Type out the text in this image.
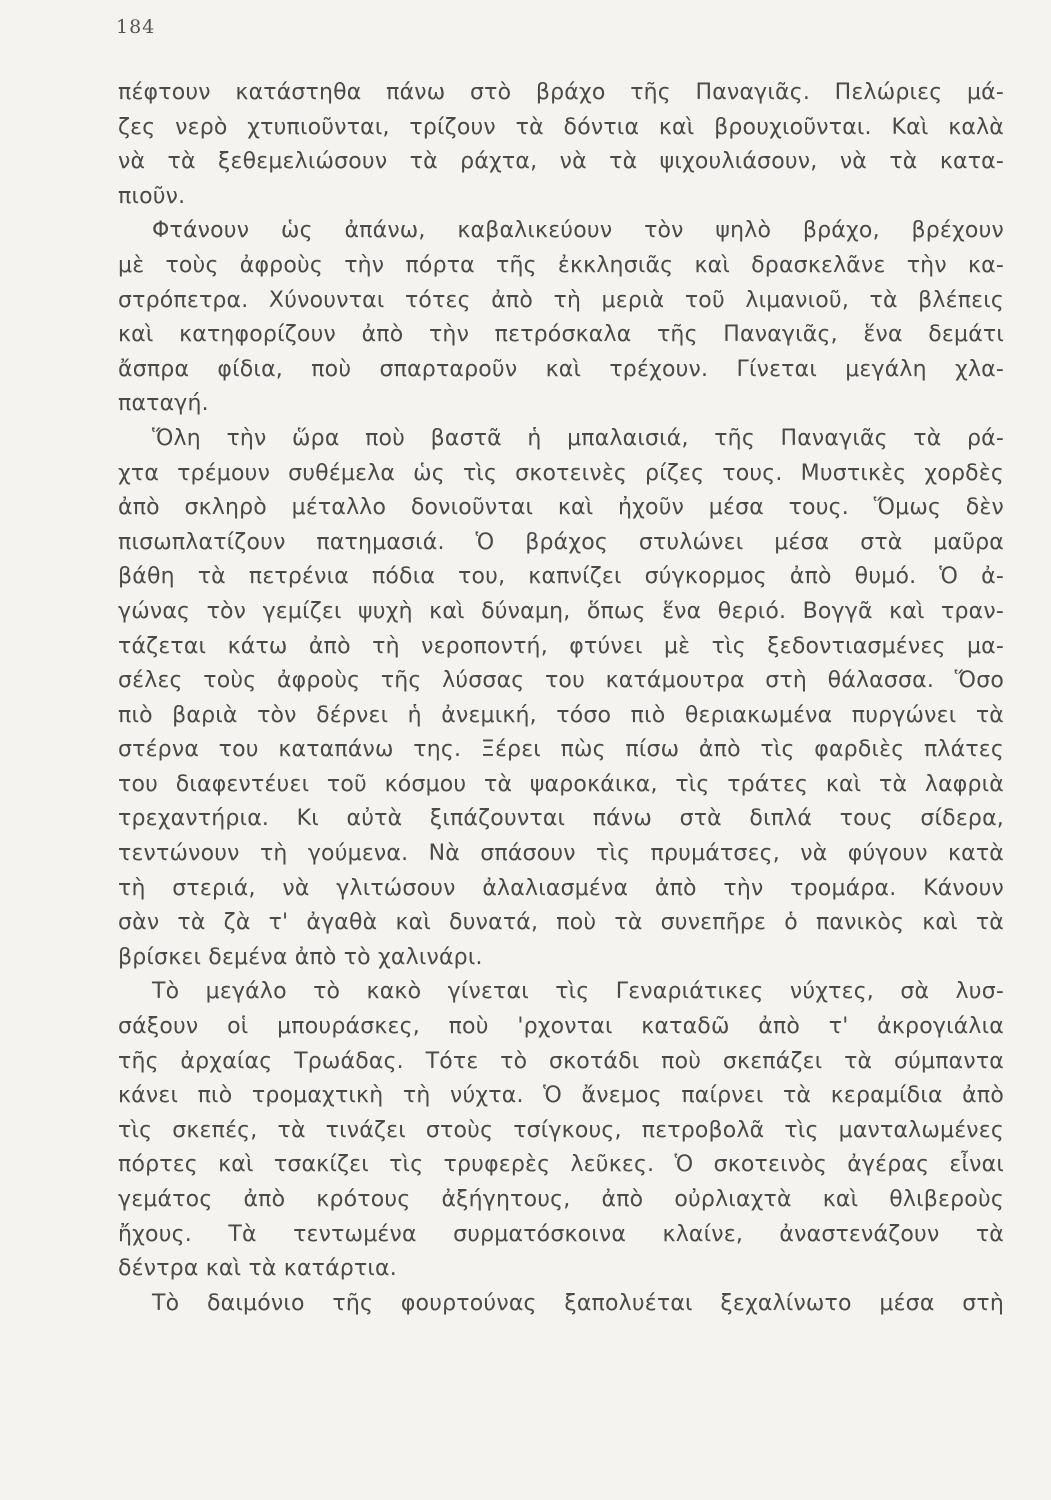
184
πέφτουν κατάστηθα πάνω στὸ βράχο τῆς Παναγιᾶς. Πελώριες μά-
ζες νερὸ χτυπιοῦνται, τρίζουν τὰ δόντια καὶ βρουχιοῦνται. Καὶ καλὰ
νὰ τὰ ξεθεμελιώσουν τὰ ράχτα, νὰ τὰ ψιχουλιάσουν, νὰ τὰ κατα-
πιοῦν.
Φτάνουν ὡς ἀπάνω, καβαλικεύουν τὸν ψηλὸ βράχο, βρέχουν
μὲ τοὺς ἀφροὺς τὴν πόρτα τῆς ἐκκλησιᾶς καὶ δρασκελᾶνε τὴν κα-
στρόπετρα. Χύνουνται τότες ἀπὸ τὴ μεριὰ τοῦ λιμανιοῦ, τὰ βλέπεις
καὶ κατηφορίζουν ἀπὸ τὴν πετρόσκαλα τῆς Παναγιᾶς, ἕνα δεμάτι
ἄσπρα φίδια, ποὺ σπαρταροῦν καὶ τρέχουν. Γίνεται μεγάλη χλα-
παταγή.
Ὅλη τὴν ὥρα ποὺ βαστᾶ ἡ μπαλαισιά, τῆς Παναγιᾶς τὰ ρά-
χτα τρέμουν συθέμελα ὡς τὶς σκοτεινὲς ρίζες τους. Μυστικὲς χορδὲς
ἀπὸ σκληρὸ μέταλλο δονιοῦνται καὶ ἠχοῦν μέσα τους. Ὅμως δὲν
πισωπλατίζουν πατημασιά. Ὁ βράχος στυλώνει μέσα στὰ μαῦρα
βάθη τὰ πετρένια πόδια του, καπνίζει σύγκορμος ἀπὸ θυμό. Ὁ ἀ-
γώνας τὸν γεμίζει ψυχὴ καὶ δύναμη, ὅπως ἕνα θεριό. Βογγᾶ καὶ τραν-
τάζεται κάτω ἀπὸ τὴ νεροποντή, φτύνει μὲ τὶς ξεδοντιασμένες μα-
σέλες τοὺς ἀφροὺς τῆς λύσσας του κατάμουτρα στὴ θάλασσα. Ὅσο
πιὸ βαριὰ τὸν δέρνει ἡ ἀνεμική, τόσο πιὸ θεριακωμένα πυργώνει τὰ
στέρνα του καταπάνω της. Ξέρει πὼς πίσω ἀπὸ τὶς φαρδιὲς πλάτες
του διαφεντέυει τοῦ κόσμου τὰ ψαροκάικα, τὶς τράτες καὶ τὰ λαφριὰ
τρεχαντήρια. Κι αὐτὰ ξιπάζουνται πάνω στὰ διπλά τους σίδερα,
τεντώνουν τὴ γούμενα. Νὰ σπάσουν τὶς πρυμάτσες, νὰ φύγουν κατὰ
τὴ στεριά, νὰ γλιτώσουν ἀλαλιασμένα ἀπὸ τὴν τρομάρα. Κάνουν
σὰν τὰ ζὰ τ' ἀγαθὰ καὶ δυνατά, ποὺ τὰ συνεπῆρε ὁ πανικὸς καὶ τὰ
βρίσκει δεμένα ἀπὸ τὸ χαλινάρι.
Τὸ μεγάλο τὸ κακὸ γίνεται τὶς Γεναριάτικες νύχτες, σὰ λυσ-
σάξουν οἱ μπουράσκες, ποὺ 'ρχονται καταδῶ ἀπὸ τ' ἀκρογιάλια
τῆς ἀρχαίας Τρωάδας. Τότε τὸ σκοτάδι ποὺ σκεπάζει τὰ σύμπαντα
κάνει πιὸ τρομαχτικὴ τὴ νύχτα. Ὁ ἄνεμος παίρνει τὰ κεραμίδια ἀπὸ
τὶς σκεπές, τὰ τινάζει στοὺς τσίγκους, πετροβολᾶ τὶς μανταλωμένες
πόρτες καὶ τσακίζει τὶς τρυφερὲς λεῦκες. Ὁ σκοτεινὸς ἀγέρας εἶναι
γεμάτος ἀπὸ κρότους ἀξήγητους, ἀπὸ οὐρλιαχτὰ καὶ θλιβεροὺς
ἤχους. Τὰ τεντωμένα συρματόσκοινα κλαίνε, ἀναστενάζουν τὰ
δέντρα καὶ τὰ κατάρτια.
Τὸ δαιμόνιο τῆς φουρτούνας ξαπολυέται ξεχαλίνωτο μέσα στὴ
